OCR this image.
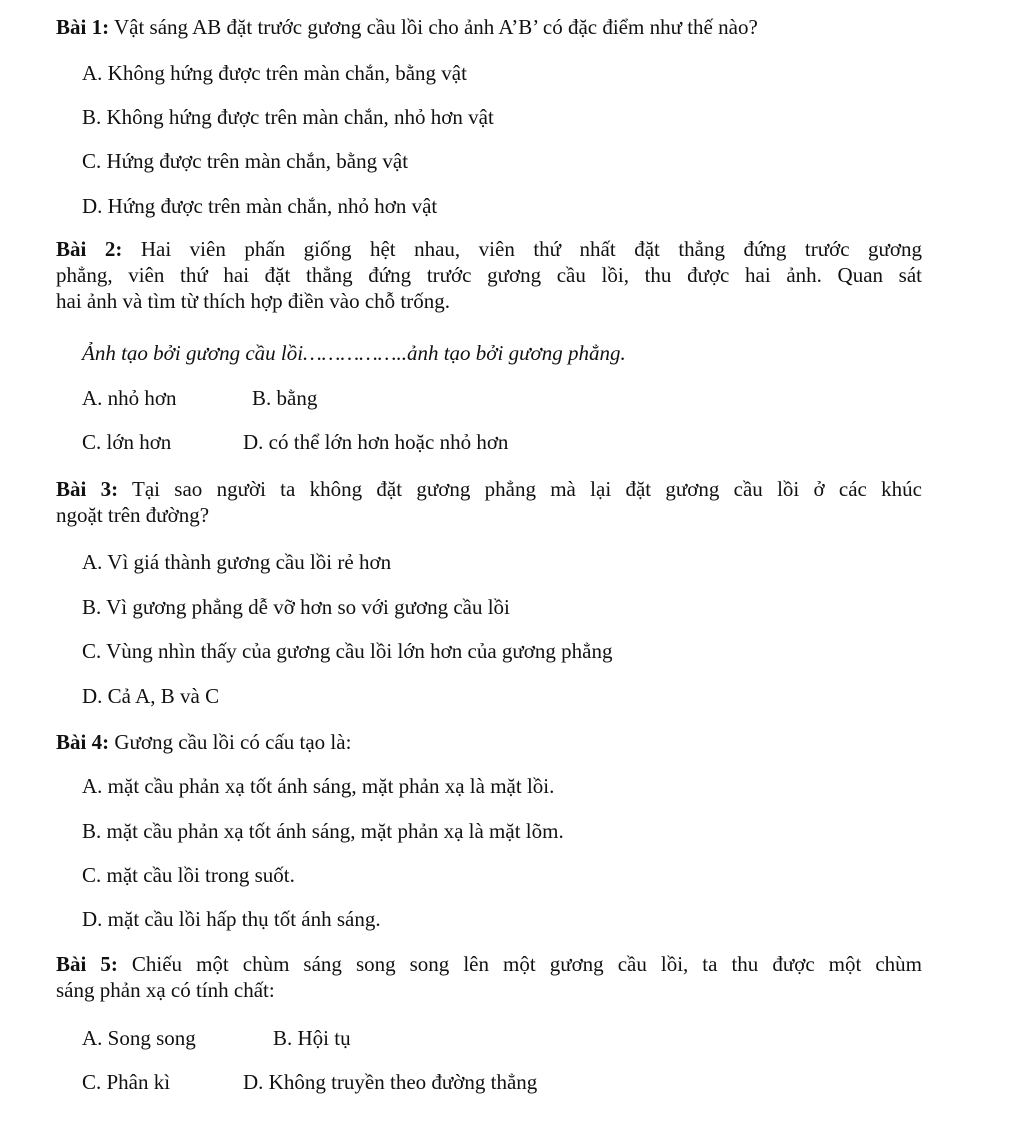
Bài 1: Vật sáng AB đặt trước gương cầu lồi cho ảnh A’B’ có đặc điểm như thế nào?
A. Không hứng được trên màn chắn, bằng vật
B. Không hứng được trên màn chắn, nhỏ hơn vật
C. Hứng được trên màn chắn, bằng vật
D. Hứng được trên màn chắn, nhỏ hơn vật
Bài 2: Hai viên phấn giống hệt nhau, viên thứ nhất đặt thẳng đứng trước gương
phẳng, viên thứ hai đặt thẳng đứng trước gương cầu lồi, thu được hai ảnh. Quan sát
hai ảnh và tìm từ thích hợp điền vào chỗ trống.
Ảnh tạo bởi gương cầu lồi……………..ảnh tạo bởi gương phẳng.
A. nhỏ hơn	B. bằng
C. lớn hơn	D. có thể lớn hơn hoặc nhỏ hơn
Bài 3: Tại sao người ta không đặt gương phẳng mà lại đặt gương cầu lồi ở các khúc
ngoặt trên đường?
A. Vì giá thành gương cầu lồi rẻ hơn
B. Vì gương phẳng dễ vỡ hơn so với gương cầu lồi
C. Vùng nhìn thấy của gương cầu lồi lớn hơn của gương phẳng
D. Cả A, B và C
Bài 4: Gương cầu lồi có cấu tạo là:
A. mặt cầu phản xạ tốt ánh sáng, mặt phản xạ là mặt lồi.
B. mặt cầu phản xạ tốt ánh sáng, mặt phản xạ là mặt lõm.
C. mặt cầu lồi trong suốt.
D. mặt cầu lồi hấp thụ tốt ánh sáng.
Bài 5: Chiếu một chùm sáng song song lên một gương cầu lồi, ta thu được một chùm
sáng phản xạ có tính chất:
A. Song song	B. Hội tụ
C. Phân kì	D. Không truyền theo đường thẳng
